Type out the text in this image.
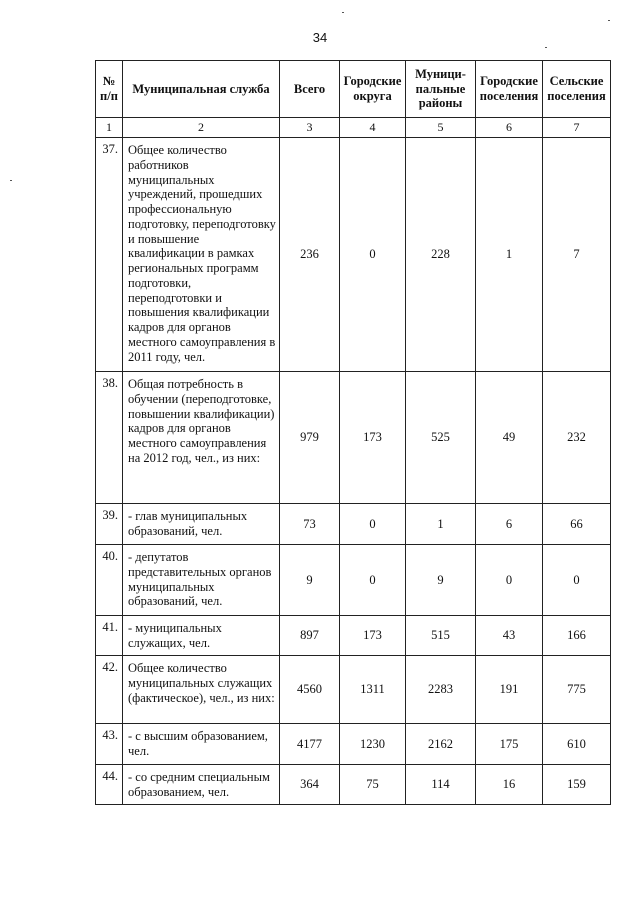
34
№ п/п	Муниципальная служба	Всего	Городские округа	Муници-пальные районы	Городские поселения	Сельские поселения
1	2	3	4	5	6	7
37.	Общее количество работников муниципальных учреждений, прошедших профессиональную подготовку, переподготовку и повышение квалификации в рамках региональных программ подготовки, переподготовки и повышения квалификации кадров для органов местного самоуправления в 2011 году, чел.	236	0	228	1	7
38.	Общая потребность в обучении (переподготовке, повышении квалификации) кадров для органов местного самоуправления на 2012 год, чел., из них:	979	173	525	49	232
39.	- глав муниципальных образований, чел.	73	0	1	6	66
40.	- депутатов представительных органов муниципальных образований, чел.	9	0	9	0	0
41.	- муниципальных служащих, чел.	897	173	515	43	166
42.	Общее количество муниципальных служащих (фактическое), чел., из них:	4560	1311	2283	191	775
43.	- с высшим образованием, чел.	4177	1230	2162	175	610
44.	- со средним специальным образованием, чел.	364	75	114	16	159
